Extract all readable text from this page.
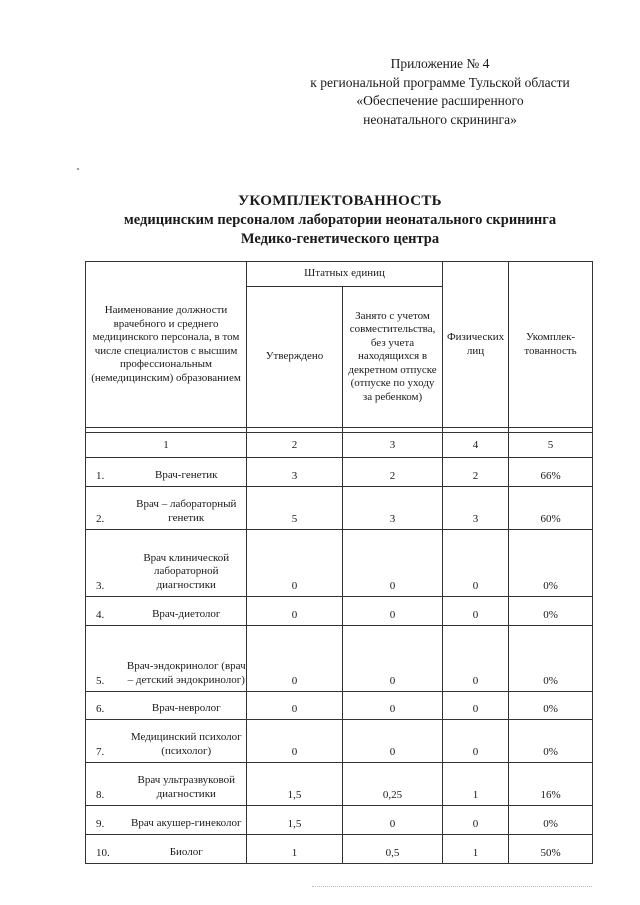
Приложение № 4
к региональной программе Тульской области
«Обеспечение расширенного
неонатального скрининга»
УКОМПЛЕКТОВАННОСТЬ
медицинским персоналом лаборатории неонатального скрининга
Медико-генетического центра
Наименование должности врачебного и среднего медицинского персонала, в том числе специалистов с высшим профессиональным (немедицинским) образованием		Штатных единиц		Физических лиц	Укомплек-тованность
		Утверждено	Занято с учетом совместительства, без учета находящихся в декретном отпуске (отпуске по уходу за ребенком)		

1		2	3	4	5
1.	Врач-генетик	3	2	2	66%
2.	Врач – лабораторный генетик	5	3	3	60%
3.	Врач клинической лабораторной диагностики	0	0	0	0%
4.	Врач-диетолог	0	0	0	0%
5.	Врач-эндокринолог (врач – детский эндокринолог)	0	0	0	0%
6.	Врач-невролог	0	0	0	0%
7.	Медицинский психолог (психолог)	0	0	0	0%
8.	Врач ультразвуковой диагностики	1,5	0,25	1	16%
9.	Врач акушер-гинеколог	1,5	0	0	0%
10.	Биолог	1	0,5	1	50%
